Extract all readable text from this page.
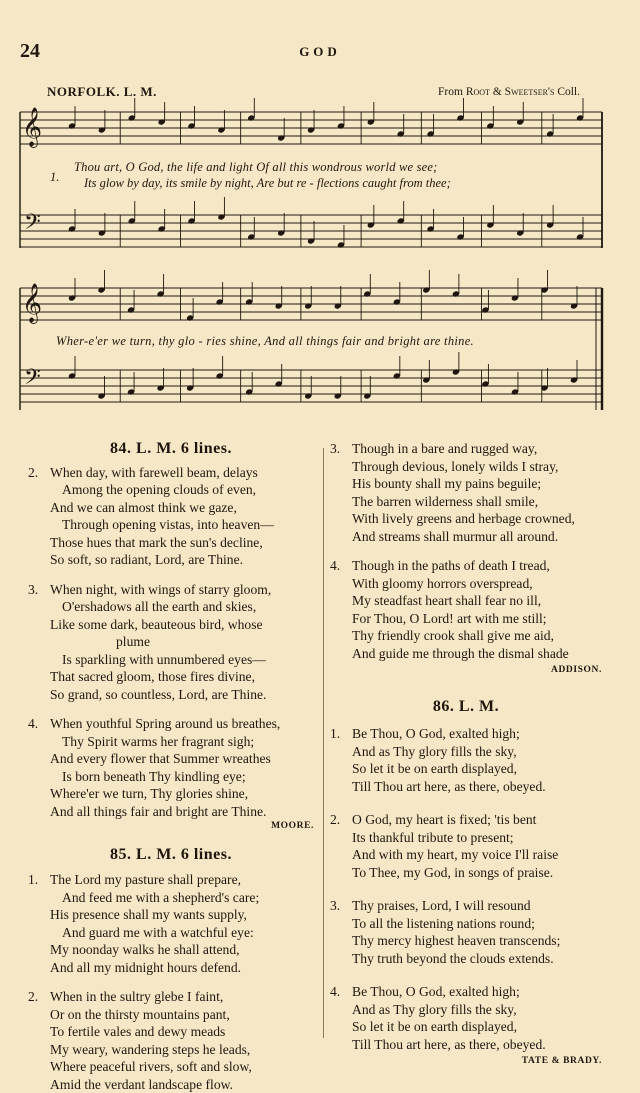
24	GOD
NORFOLK. L. M.	From Root & Sweetser's Coll.
𝄞
𝄢
𝄞
𝄢
1.
Thou art, O God, the life and light Of all this wondrous world we see;
Its glow by day, its smile by night, Are but re - flections caught from thee;
Wher-e'er we turn, thy glo - ries shine, And all things fair and bright are thine.
84. L. M. 6 lines.
2. When day, with farewell beam, delays
Among the opening clouds of even,
And we can almost think we gaze,
Through opening vistas, into heaven—
Those hues that mark the sun's decline,
So soft, so radiant, Lord, are Thine.
3. When night, with wings of starry gloom,
O'ershadows all the earth and skies,
Like some dark, beauteous bird, whose
plume
Is sparkling with unnumbered eyes—
That sacred gloom, those fires divine,
So grand, so countless, Lord, are Thine.
4. When youthful Spring around us breathes,
Thy Spirit warms her fragrant sigh;
And every flower that Summer wreathes
Is born beneath Thy kindling eye;
Where'er we turn, Thy glories shine,
And all things fair and bright are Thine.
MOORE.
85. L. M. 6 lines.
1. The Lord my pasture shall prepare,
And feed me with a shepherd's care;
His presence shall my wants supply,
And guard me with a watchful eye:
My noonday walks he shall attend,
And all my midnight hours defend.
2. When in the sultry glebe I faint,
Or on the thirsty mountains pant,
To fertile vales and dewy meads
My weary, wandering steps he leads,
Where peaceful rivers, soft and slow,
Amid the verdant landscape flow.
3. Though in a bare and rugged way,
Through devious, lonely wilds I stray,
His bounty shall my pains beguile;
The barren wilderness shall smile,
With lively greens and herbage crowned,
And streams shall murmur all around.
4. Though in the paths of death I tread,
With gloomy horrors overspread,
My steadfast heart shall fear no ill,
For Thou, O Lord! art with me still;
Thy friendly crook shall give me aid,
And guide me through the dismal shade
ADDISON.
86. L. M.
1. Be Thou, O God, exalted high;
And as Thy glory fills the sky,
So let it be on earth displayed,
Till Thou art here, as there, obeyed.
2. O God, my heart is fixed; 'tis bent
Its thankful tribute to present;
And with my heart, my voice I'll raise
To Thee, my God, in songs of praise.
3. Thy praises, Lord, I will resound
To all the listening nations round;
Thy mercy highest heaven transcends;
Thy truth beyond the clouds extends.
4. Be Thou, O God, exalted high;
And as Thy glory fills the sky,
So let it be on earth displayed,
Till Thou art here, as there, obeyed.
TATE & BRADY.
